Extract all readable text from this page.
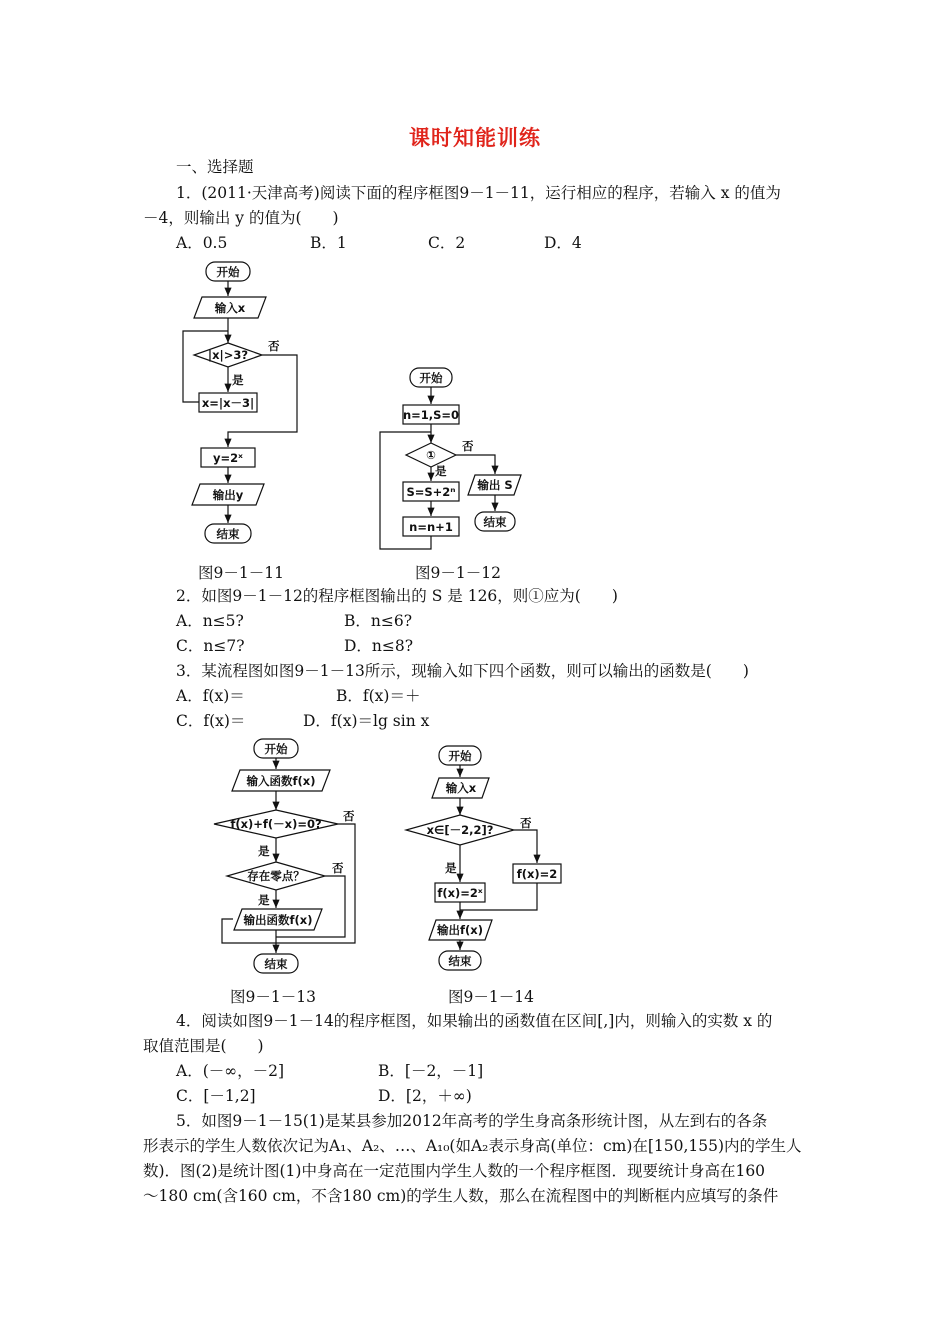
课时知能训练
一、选择题
1．(2011·天津高考)阅读下面的程序框图9－1－11，运行相应的程序，若输入 x 的值为
－4，则输出 y 的值为(　　)
A．0.5	B．1	C．2	D．4
开始
输入x
|x|>3?
否
是
x=|x－3|
y=2ˣ
输出y
结束
开始
n=1,S=0
①
否
是
S=S+2ⁿ
n=n+1
输出 S
结束
开始
输入函数f(x)
f(x)+f(－x)=0?
否
是
存在零点？
否
是
输出函数f(x)
结束
开始
输入x
x∈[－2,2]? 否
是	f(x)=2
f(x)=2ˣ
输出f(x)
结束
图9－1－11	图9－1－12
2．如图9－1－12的程序框图输出的 S 是 126，则①应为(　　)
A．n≤5?	B．n≤6?
C．n≤7?	D．n≤8?
3．某流程图如图9－1－13所示，现输入如下四个函数，则可以输出的函数是(　　)
A．f(x)＝	B．f(x)＝＋
C．f(x)＝	D．f(x)＝lg sin x
图9－1－13	图9－1－14
4．阅读如图9－1－14的程序框图，如果输出的函数值在区间[,]内，则输入的实数 x 的
取值范围是(　　)
A．(－∞，－2]	B．[－2，－1]
C．[－1,2]	D．[2，＋∞)
5．如图9－1－15(1)是某县参加2012年高考的学生身高条形统计图，从左到右的各条
形表示的学生人数依次记为A₁、A₂、…、A₁₀(如A₂表示身高(单位：cm)在[150,155)内的学生人
数)．图(2)是统计图(1)中身高在一定范围内学生人数的一个程序框图．现要统计身高在160
～180 cm(含160 cm，不含180 cm)的学生人数，那么在流程图中的判断框内应填写的条件
